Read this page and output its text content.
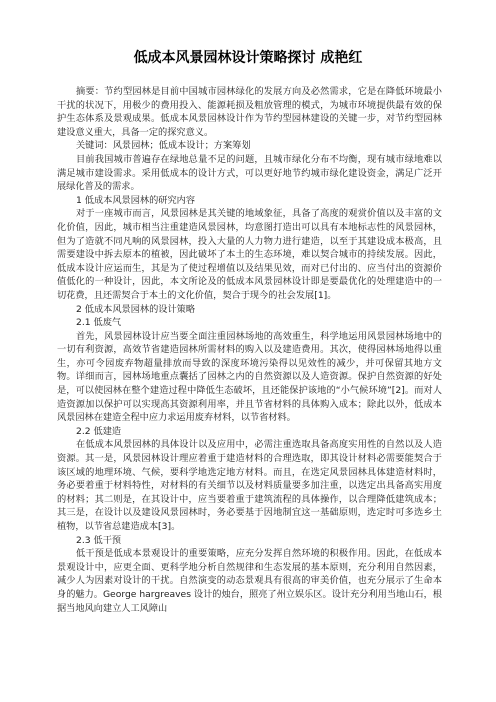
低成本风景园林设计策略探讨 成艳红

摘要：节约型园林是目前中国城市园林绿化的发展方向及必然需求，它是在降低环境最小干扰的状况下，用极少的费用投入、能源耗损及粗放管理的模式，为城市环境提供最有效的保护生态体系及景观成果。低成本风景园林设计作为节约型园林建设的关键一步，对节约型园林建设意义重大，具备一定的探究意义。

关键词：风景园林；低成本设计；方案筹划

目前我国城市普遍存在绿地总量不足的问题，且城市绿化分布不均衡，现有城市绿地难以满足城市建设需求。采用低成本的设计方式，可以更好地节约城市绿化建设资金，满足广泛开展绿化普及的需求。

1 低成本风景园林的研究内容

对于一座城市而言，风景园林是其关键的地域象征，具备了高度的观赏价值以及丰富的文化价值，因此，城市相当注重建造风景园林，均意图打造出可以具有本地标志性的风景园林，但为了造就不同凡响的风景园林，投入大量的人力物力进行建造，以至于其建设成本极高，且需要建设中拆去原本的植被，因此破坏了本土的生态环境，难以契合城市的持续发展。因此，低成本设计应运而生，其是为了使过程增值以及结果见效，而对已付出的、应当付出的资源价值低化的一种设计，因此，本文所论及的低成本风景园林设计即是要最优化的处理建造中的一切花费，且还需契合于本土的文化价值，契合于现今的社会发展[1]。

2 低成本风景园林的设计策略

2.1 低废气

首先，风景园林设计应当要全面注重园林场地的高效重生，科学地运用风景园林场地中的一切有利资源，高效节省建造园林所需材料的购入以及建造费用。其次，使得园林场地得以重生，亦可令园废弃物超量排放而导致的深度环境污染得以见效性的减少，并可保留其地方文物。详细而言，园林场地重点囊括了园林之内的自然资源以及人造资源。保护自然资源的好处是，可以使园林在整个建造过程中降低生态破坏，且还能保护该地的“小气候环境”[2]。而对人造资源加以保护可以实现高其资源利用率，并且节省材料的具体购入成本；除此以外，低成本风景园林在建造全程中应力求运用废弃材料，以节省材料。

2.2 低建造

在低成本风景园林的具体设计以及应用中，必需注重选取具备高度实用性的自然以及人造资源。其一是，风景园林设计理应着重于建造材料的合理选取，即其设计材料必需要能契合于该区域的地理环境、气候，要科学地选定地方材料。而且，在选定风景园林具体建造材料时，务必要着重于材料特性，对材料的有关细节以及材料质量要多加注重，以选定出具备高实用度的材料；其二则是，在其设计中，应当要着重于建筑流程的具体操作，以合理降低建筑成本；其三是，在设计以及建设风景园林时，务必要基于因地制宜这一基础原则，选定时可多选乡土植物，以节省总建造成本[3]。

2.3 低干预

低干预是低成本景观设计的重要策略，应充分发挥自然环境的积极作用。因此，在低成本景观设计中，应更全面、更科学地分析自然规律和生态发展的基本原则，充分利用自然因素，减少人为因素对设计的干扰。自然演变的动态景观具有很高的审美价值，也充分展示了生命本身的魅力。George hargreaves 设计的烛台，照亮了州立娱乐区。设计充分利用当地山石，根据当地风向建立人工风障山
